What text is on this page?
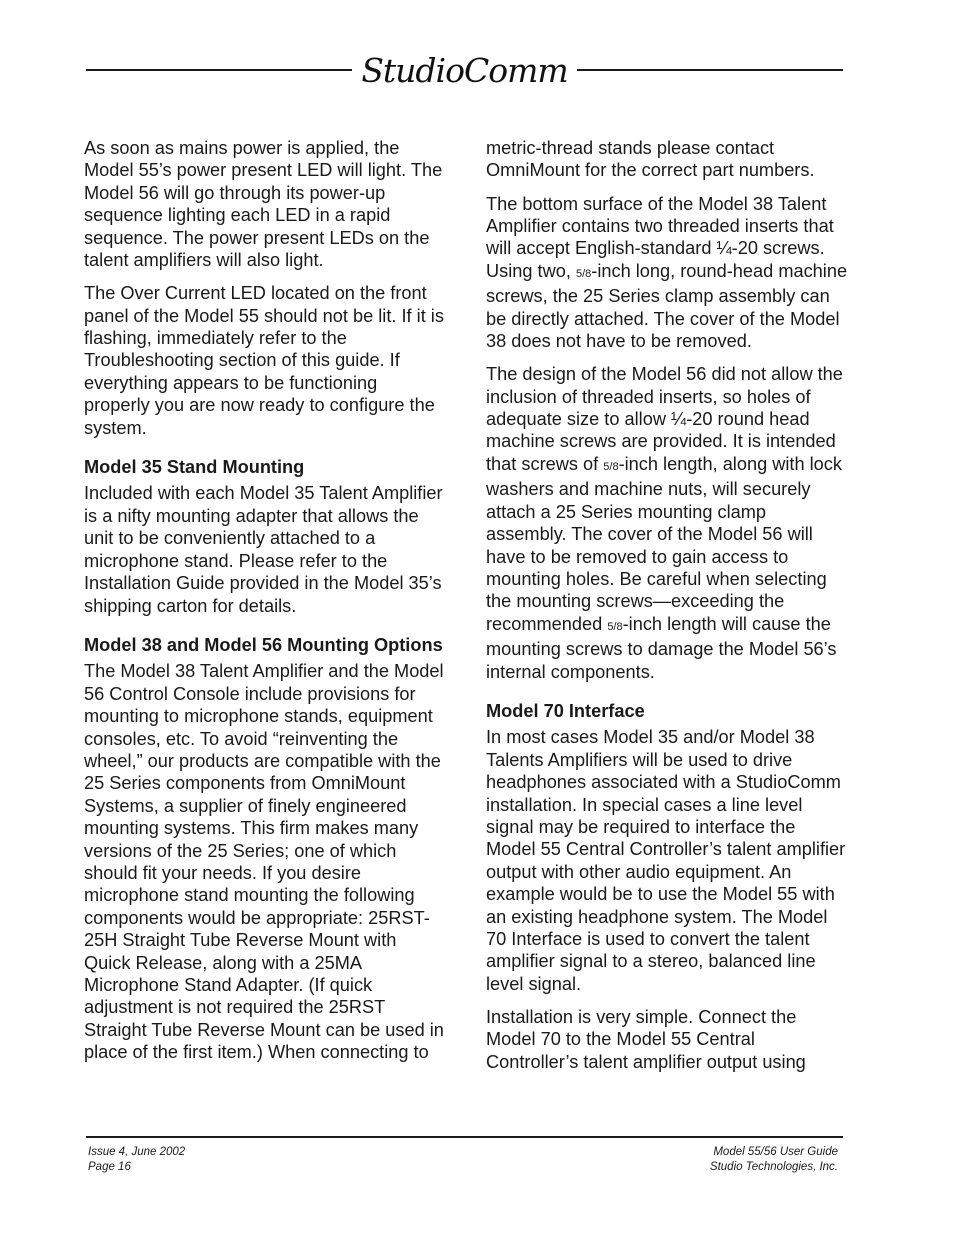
StudioComm

As soon as mains power is applied, the Model 55’s power present LED will light. The Model 56 will go through its power-up sequence lighting each LED in a rapid sequence. The power present LEDs on the talent amplifiers will also light.

The Over Current LED located on the front panel of the Model 55 should not be lit. If it is flashing, immediately refer to the Troubleshooting section of this guide. If everything appears to be functioning properly you are now ready to configure the system.

Model 35 Stand Mounting

Included with each Model 35 Talent Amplifier is a nifty mounting adapter that allows the unit to be conveniently attached to a microphone stand. Please refer to the Installation Guide provided in the Model 35’s shipping carton for details.

Model 38 and Model 56 Mounting Options

The Model 38 Talent Amplifier and the Model 56 Control Console include provisions for mounting to microphone stands, equipment consoles, etc. To avoid “reinventing the wheel,” our products are compatible with the 25 Series components from OmniMount Systems, a supplier of finely engineered mounting systems. This firm makes many versions of the 25 Series; one of which should fit your needs. If you desire microphone stand mounting the following components would be appropriate: 25RST-25H Straight Tube Reverse Mount with Quick Release, along with a 25MA Microphone Stand Adapter. (If quick adjustment is not required the 25RST Straight Tube Reverse Mount can be used in place of the first item.) When connecting to

metric-thread stands please contact OmniMount for the correct part numbers.

The bottom surface of the Model 38 Talent Amplifier contains two threaded inserts that will accept English-standard ¼-20 screws. Using two, 5/8-inch long, round-head machine screws, the 25 Series clamp assembly can be directly attached. The cover of the Model 38 does not have to be removed.

The design of the Model 56 did not allow the inclusion of threaded inserts, so holes of adequate size to allow ¼-20 round head machine screws are provided. It is intended that screws of 5/8-inch length, along with lock washers and machine nuts, will securely attach a 25 Series mounting clamp assembly. The cover of the Model 56 will have to be removed to gain access to mounting holes. Be careful when selecting the mounting screws—exceeding the recommended 5/8-inch length will cause the mounting screws to damage the Model 56’s internal components.

Model 70 Interface

In most cases Model 35 and/or Model 38 Talents Amplifiers will be used to drive headphones associated with a StudioComm installation. In special cases a line level signal may be required to interface the Model 55 Central Controller’s talent amplifier output with other audio equipment. An example would be to use the Model 55 with an existing headphone system. The Model 70 Interface is used to convert the talent amplifier signal to a stereo, balanced line level signal.

Installation is very simple. Connect the Model 70 to the Model 55 Central Controller’s talent amplifier output using

Issue 4, June 2002
Page 16
Model 55/56 User Guide
Studio Technologies, Inc.
